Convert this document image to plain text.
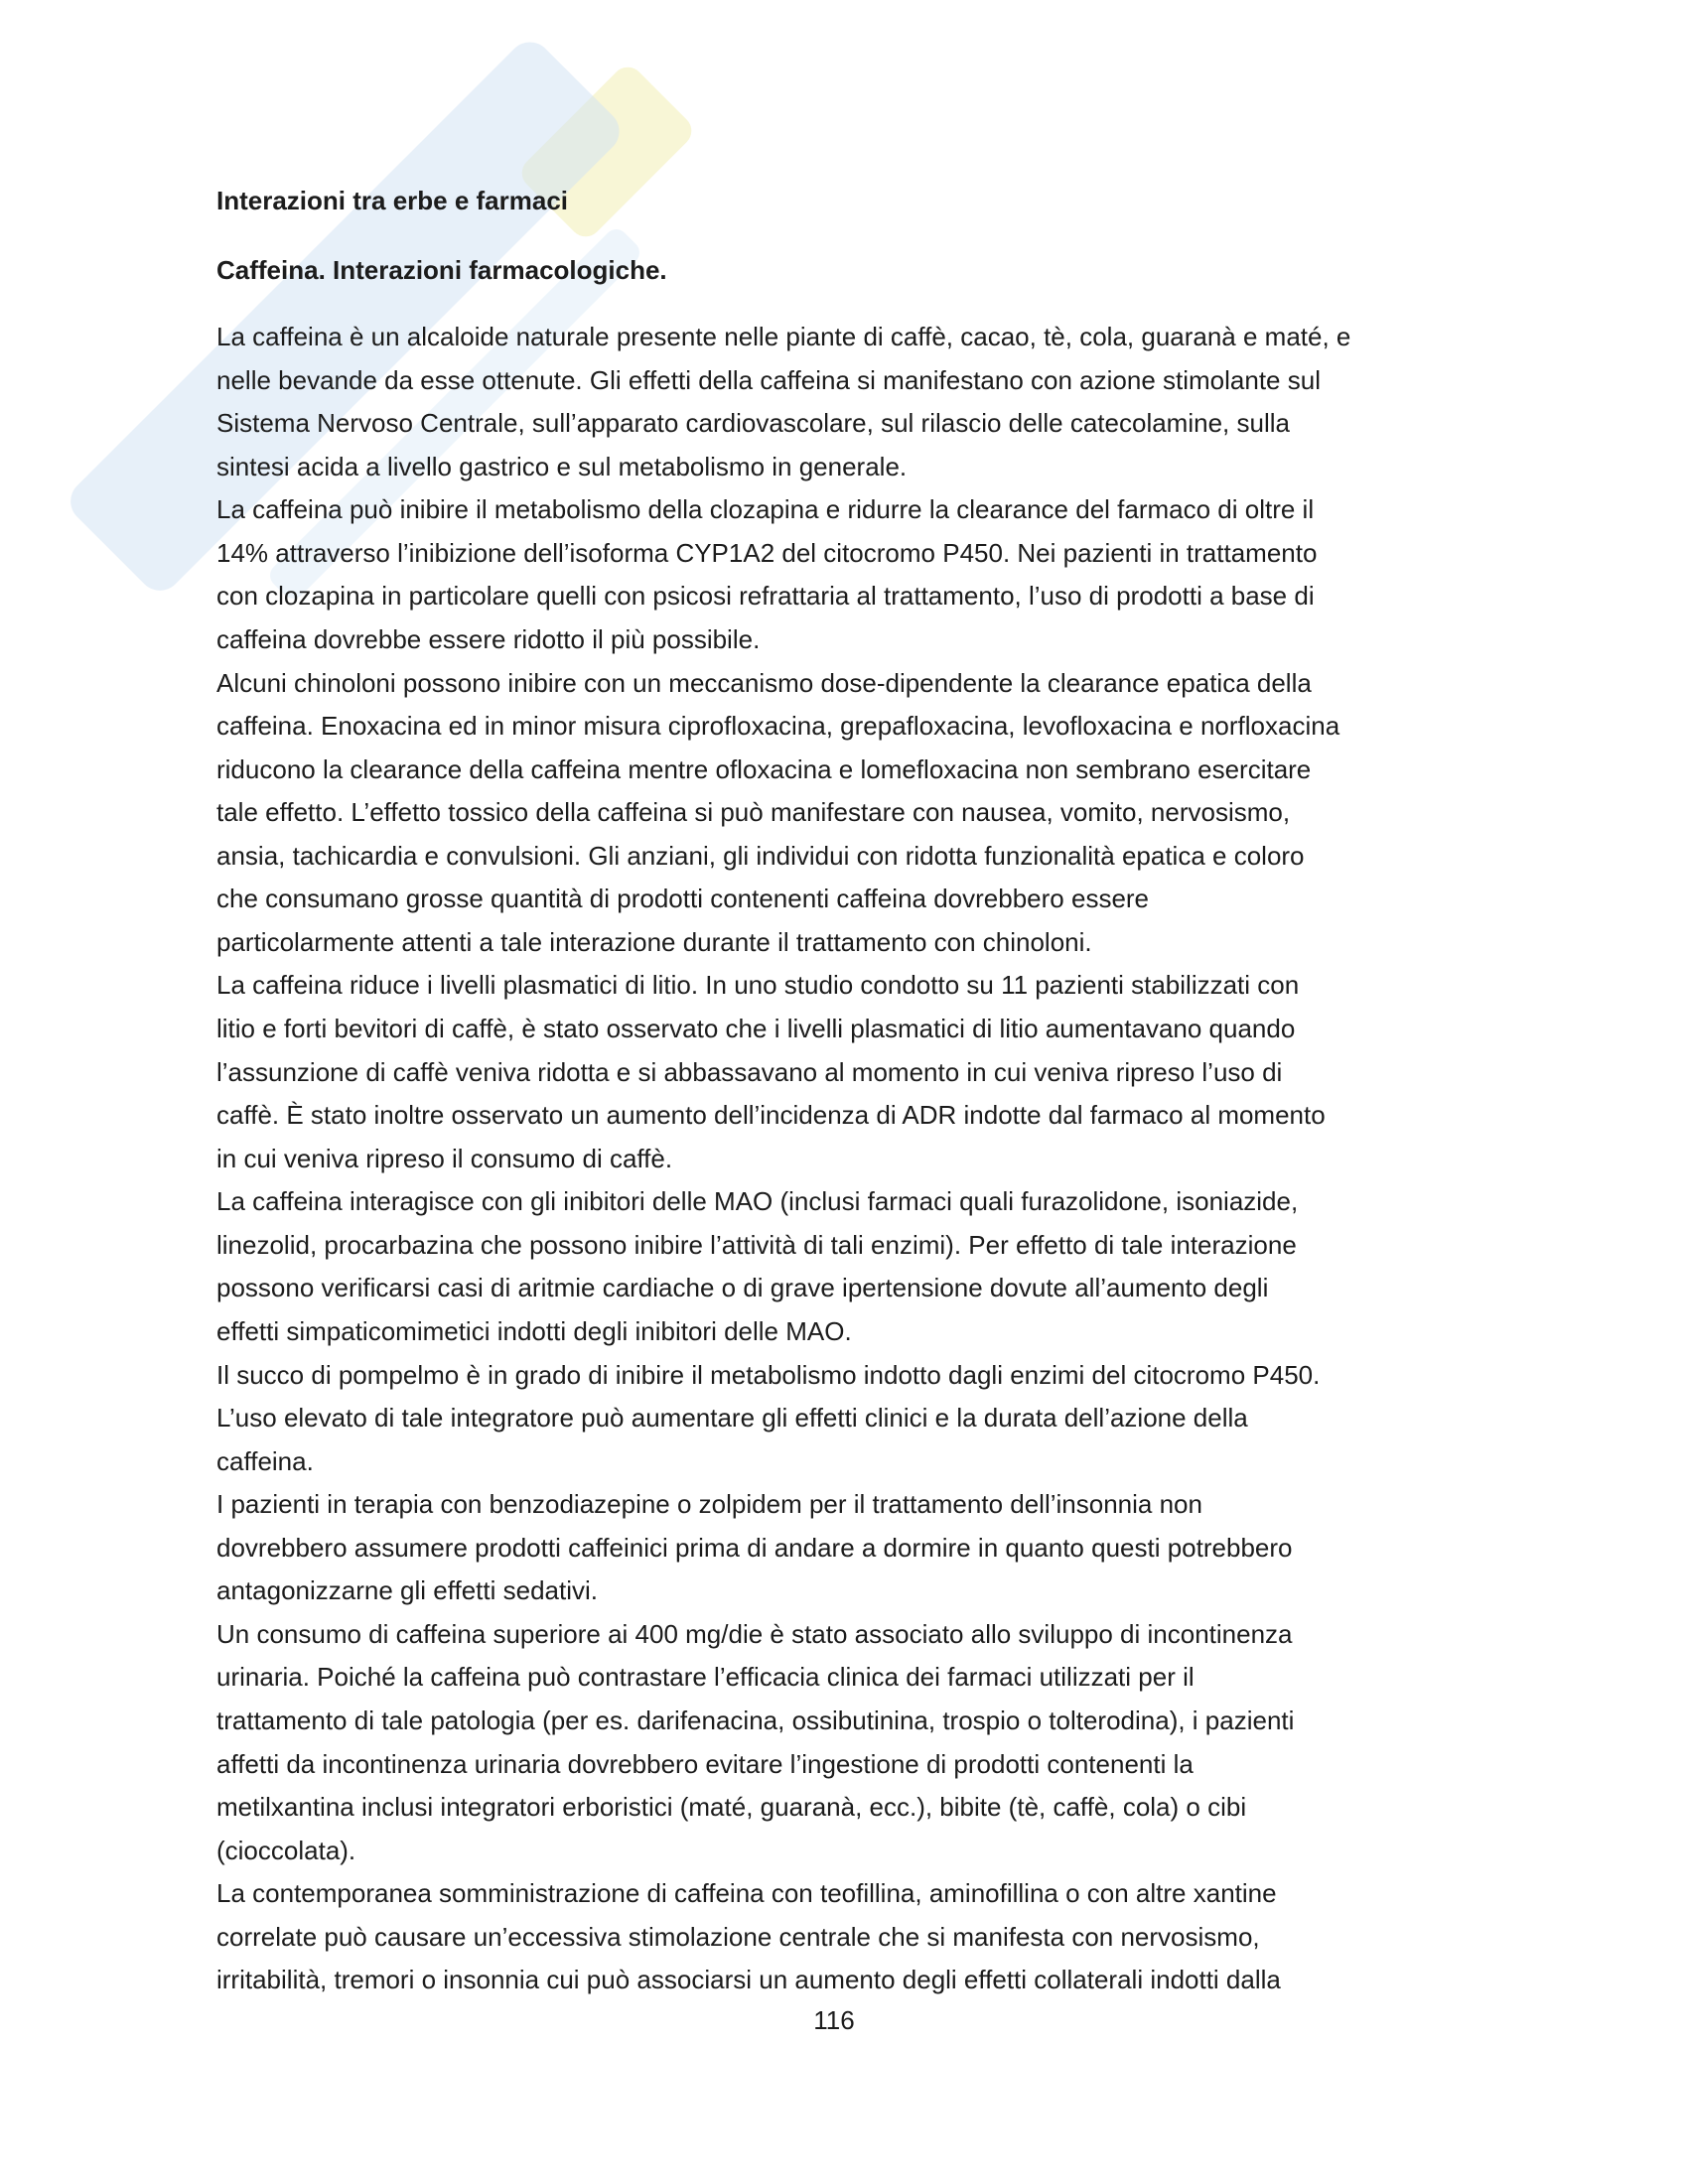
Interazioni tra erbe e farmaci
Caffeina. Interazioni farmacologiche.
La caffeina è un alcaloide naturale presente nelle piante di caffè, cacao, tè, cola, guaranà e maté, e
nelle bevande da esse ottenute. Gli effetti della caffeina si manifestano con azione stimolante sul
Sistema Nervoso Centrale, sull’apparato cardiovascolare, sul rilascio delle catecolamine, sulla
sintesi acida a livello gastrico e sul metabolismo in generale.
La caffeina può inibire il metabolismo della clozapina e ridurre la clearance del farmaco di oltre il
14% attraverso l’inibizione dell’isoforma CYP1A2 del citocromo P450. Nei pazienti in trattamento
con clozapina in particolare quelli con psicosi refrattaria al trattamento, l’uso di prodotti a base di
caffeina dovrebbe essere ridotto il più possibile.
Alcuni chinoloni possono inibire con un meccanismo dose-dipendente la clearance epatica della
caffeina. Enoxacina ed in minor misura ciprofloxacina, grepafloxacina, levofloxacina e norfloxacina
riducono la clearance della caffeina mentre ofloxacina e lomefloxacina non sembrano esercitare
tale effetto. L’effetto tossico della caffeina si può manifestare con nausea, vomito, nervosismo,
ansia, tachicardia e convulsioni. Gli anziani, gli individui con ridotta funzionalità epatica e coloro
che consumano grosse quantità di prodotti contenenti caffeina dovrebbero essere
particolarmente attenti a tale interazione durante il trattamento con chinoloni.
La caffeina riduce i livelli plasmatici di litio. In uno studio condotto su 11 pazienti stabilizzati con
litio e forti bevitori di caffè, è stato osservato che i livelli plasmatici di litio aumentavano quando
l’assunzione di caffè veniva ridotta e si abbassavano al momento in cui veniva ripreso l’uso di
caffè. È stato inoltre osservato un aumento dell’incidenza di ADR indotte dal farmaco al momento
in cui veniva ripreso il consumo di caffè.
La caffeina interagisce con gli inibitori delle MAO (inclusi farmaci quali furazolidone, isoniazide,
linezolid, procarbazina che possono inibire l’attività di tali enzimi). Per effetto di tale interazione
possono verificarsi casi di aritmie cardiache o di grave ipertensione dovute all’aumento degli
effetti simpaticomimetici indotti degli inibitori delle MAO.
Il succo di pompelmo è in grado di inibire il metabolismo indotto dagli enzimi del citocromo P450.
L’uso elevato di tale integratore può aumentare gli effetti clinici e la durata dell’azione della
caffeina.
I pazienti in terapia con benzodiazepine o zolpidem per il trattamento dell’insonnia non
dovrebbero assumere prodotti caffeinici prima di andare a dormire in quanto questi potrebbero
antagonizzarne gli effetti sedativi.
Un consumo di caffeina superiore ai 400 mg/die è stato associato allo sviluppo di incontinenza
urinaria. Poiché la caffeina può contrastare l’efficacia clinica dei farmaci utilizzati per il
trattamento di tale patologia (per es. darifenacina, ossibutinina, trospio o tolterodina), i pazienti
affetti da incontinenza urinaria dovrebbero evitare l’ingestione di prodotti contenenti la
metilxantina inclusi integratori erboristici (maté, guaranà, ecc.), bibite (tè, caffè, cola) o cibi
(cioccolata).
La contemporanea somministrazione di caffeina con teofillina, aminofillina o con altre xantine
correlate può causare un’eccessiva stimolazione centrale che si manifesta con nervosismo,
irritabilità, tremori o insonnia cui può associarsi un aumento degli effetti collaterali indotti dalla
116
